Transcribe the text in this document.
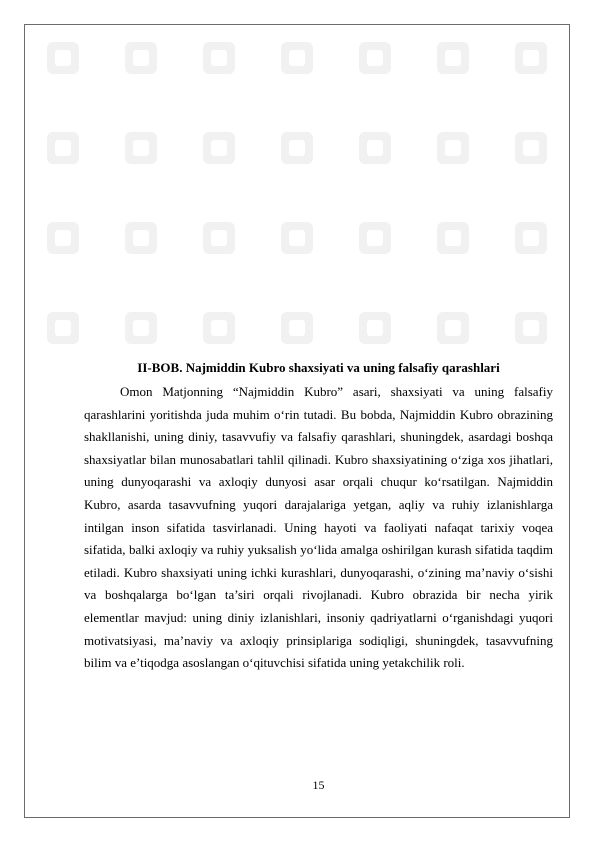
II-BOB. Najmiddin Kubro shaxsiyati va uning falsafiy qarashlari

Omon Matjonning “Najmiddin Kubro” asari, shaxsiyati va uning falsafiy qarashlarini yoritishda juda muhim o‘rin tutadi. Bu bobda, Najmiddin Kubro obrazining shakllanishi, uning diniy, tasavvufiy va falsafiy qarashlari, shuningdek, asardagi boshqa shaxsiyatlar bilan munosabatlari tahlil qilinadi. Kubro shaxsiyatining o‘ziga xos jihatlari, uning dunyoqarashi va axloqiy dunyosi asar orqali chuqur ko‘rsatilgan. Najmiddin Kubro, asarda tasavvufning yuqori darajalariga yetgan, aqliy va ruhiy izlanishlarga intilgan inson sifatida tasvirlanadi. Uning hayoti va faoliyati nafaqat tarixiy voqea sifatida, balki axloqiy va ruhiy yuksalish yo‘lida amalga oshirilgan kurash sifatida taqdim etiladi. Kubro shaxsiyati uning ichki kurashlari, dunyoqarashi, o‘zining ma’naviy o‘sishi va boshqalarga bo‘lgan ta’siri orqali rivojlanadi. Kubro obrazida bir necha yirik elementlar mavjud: uning diniy izlanishlari, insoniy qadriyatlarni o‘rganishdagi yuqori motivatsiyasi, ma’naviy va axloqiy prinsiplariga sodiqligi, shuningdek, tasavvufning bilim va e’tiqodga asoslangan o‘qituvchisi sifatida uning yetakchilik roli.

15
